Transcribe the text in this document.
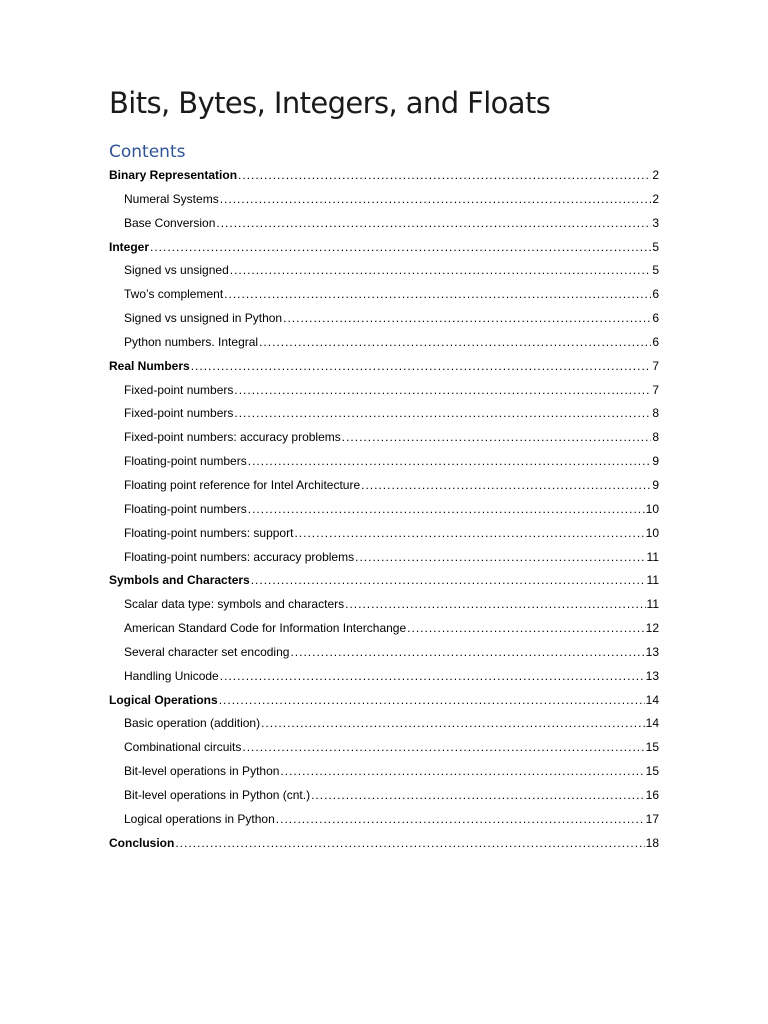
Bits, Bytes, Integers, and Floats
Contents
Binary Representation .....	2
Numeral Systems .....	2
Base Conversion .....	3
Integer .....	5
Signed vs unsigned .....	5
Two’s complement .....	6
Signed vs unsigned in Python .....	6
Python numbers. Integral .....	6
Real Numbers .....	7
Fixed-point numbers .....	7
Fixed-point numbers .....	8
Fixed-point numbers: accuracy problems .....	8
Floating-point numbers .....	9
Floating point reference for Intel Architecture .....	9
Floating-point numbers .....	10
Floating-point numbers: support .....	10
Floating-point numbers: accuracy problems .....	11
Symbols and Characters .....	11
Scalar data type: symbols and characters .....	11
American Standard Code for Information Interchange .....	12
Several character set encoding .....	13
Handling Unicode .....	13
Logical Operations .....	14
Basic operation (addition) .....	14
Combinational circuits .....	15
Bit-level operations in Python .....	15
Bit-level operations in Python (cnt.) .....	16
Logical operations in Python .....	17
Conclusion .....	18
